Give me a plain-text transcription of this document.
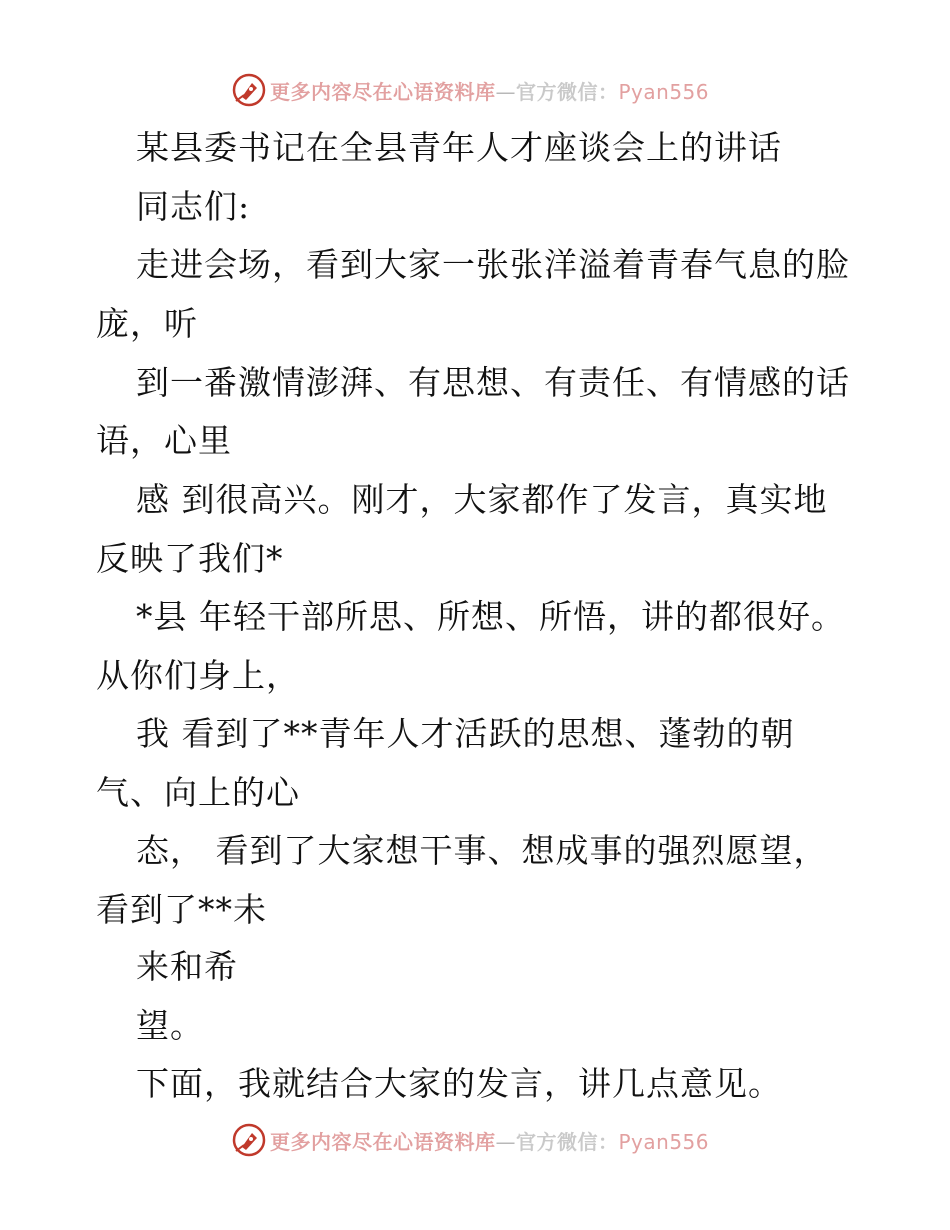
更多内容尽在心语资料库—官方微信：Pyan556
某县委书记在全县青年人才座谈会上的讲话
同志们:
走进会场，看到大家一张张洋溢着青春气息的脸
庞，听
到一番激情澎湃、有思想、有责任、有情感的话
语，心里
感 到很高兴。刚才，大家都作了发言，真实地
反映了我们*
*县 年轻干部所思、所想、所悟，讲的都很好。
从你们身上，
我 看到了**青年人才活跃的思想、蓬勃的朝
气、向上的心
态， 看到了大家想干事、想成事的强烈愿望，
看到了**未
来和希
望。
下面，我就结合大家的发言，讲几点意见。
更多内容尽在心语资料库—官方微信：Pyan556
